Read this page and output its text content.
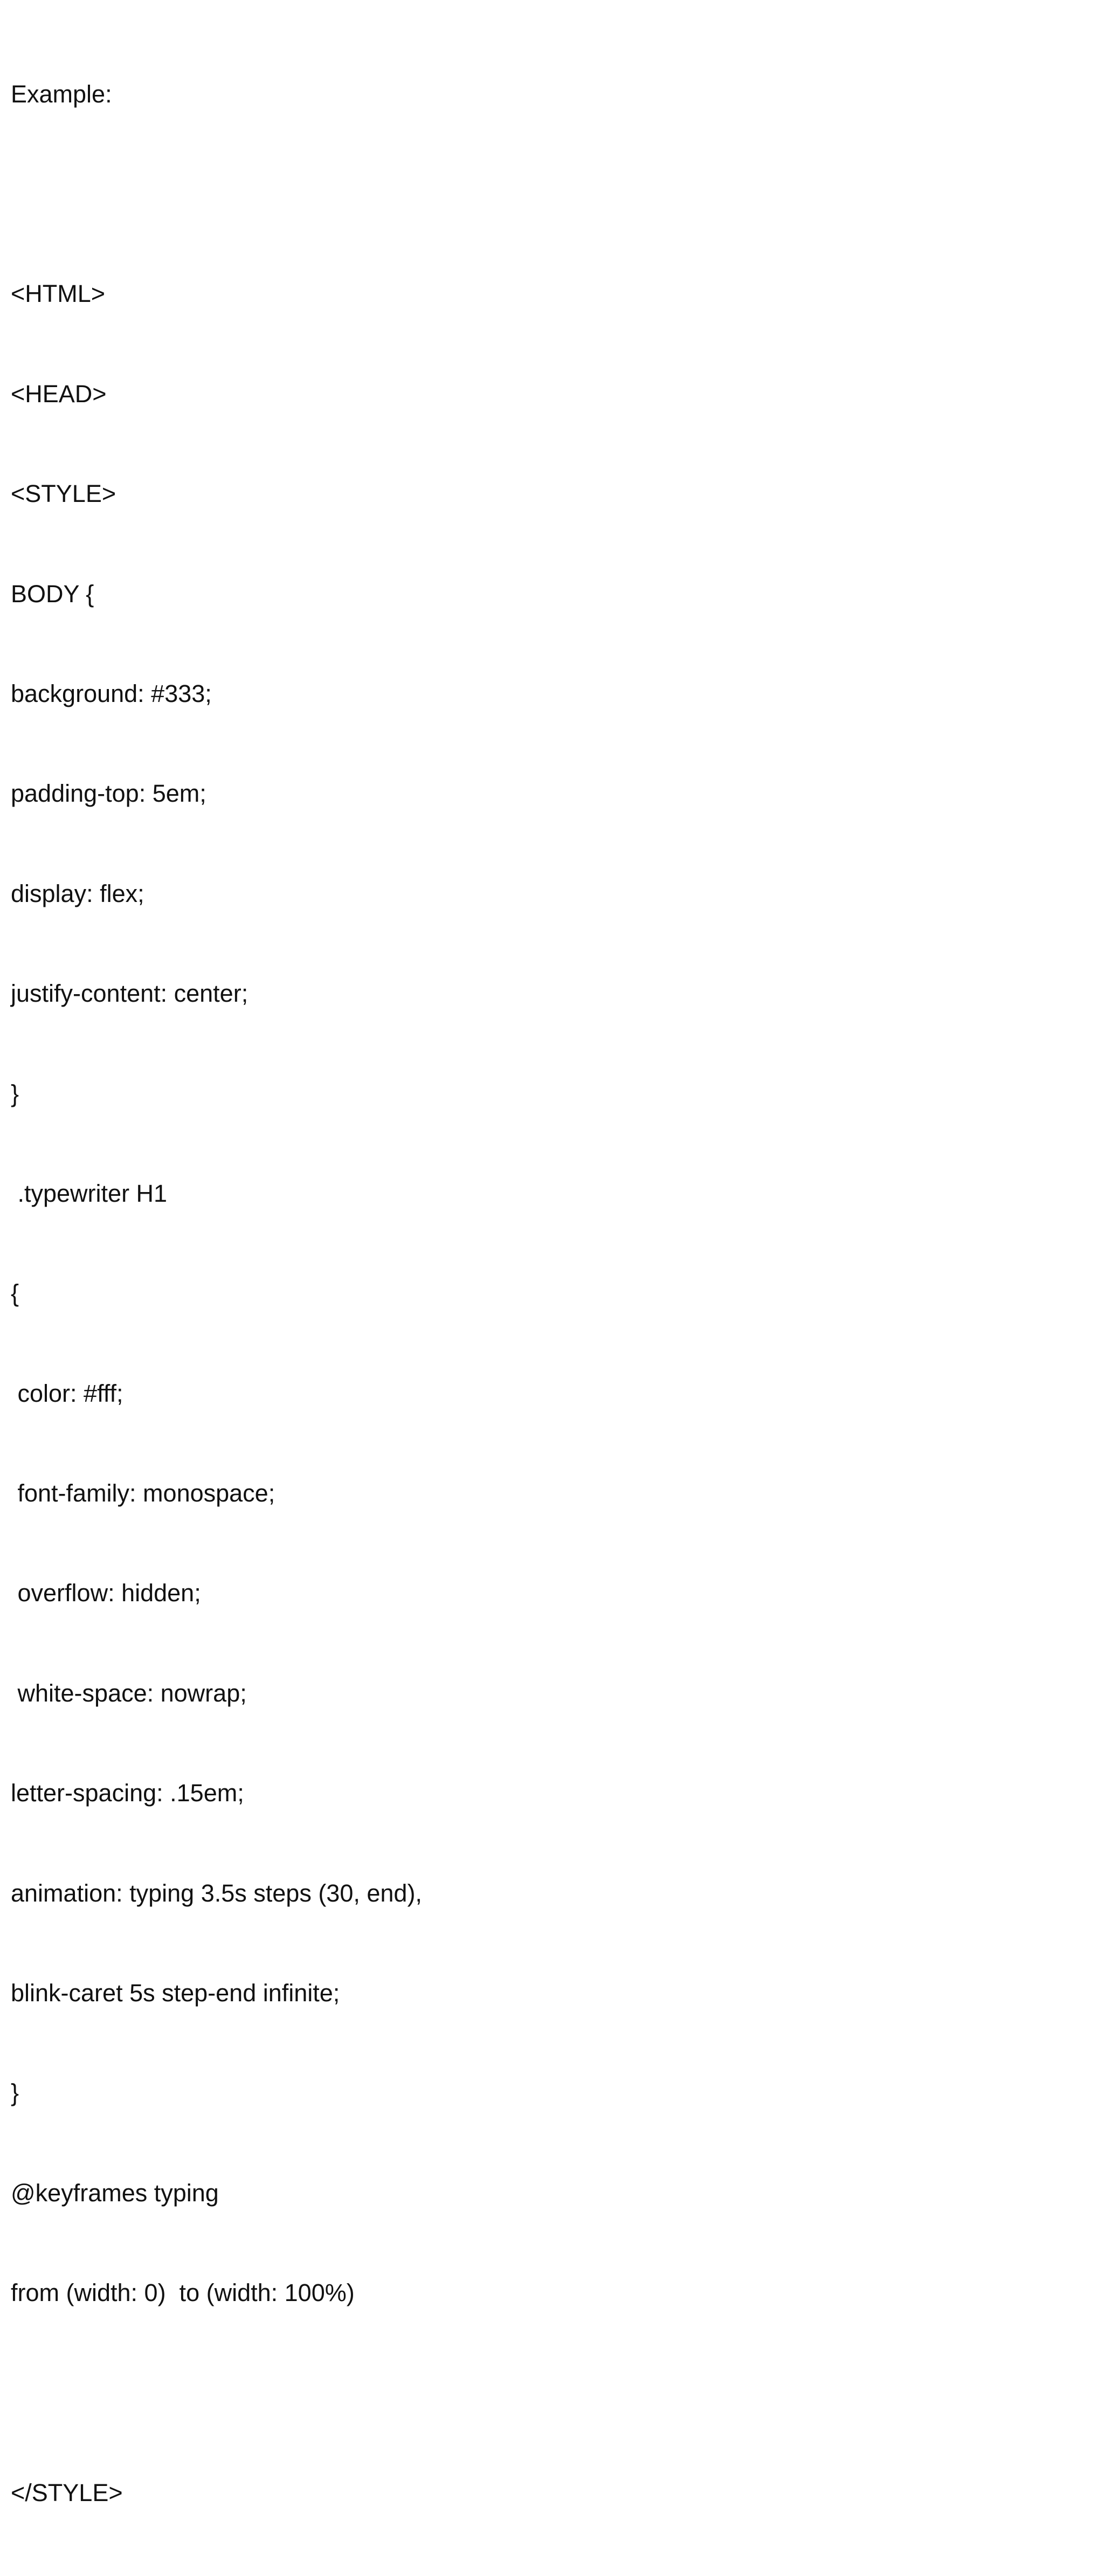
Example:

<HTML>

<HEAD>

<STYLE>

BODY {

background: #333;

padding-top: 5em;

display: flex;

justify-content: center;

}

.typewriter H1

{

color: #fff;

font-family: monospace;

overflow: hidden;

white-space: nowrap;

letter-spacing: .15em;

animation: typing 3.5s steps (30, end),

blink-caret 5s step-end infinite;

}

@keyframes typing

from (width: 0)  to (width: 100%)

</STYLE>
